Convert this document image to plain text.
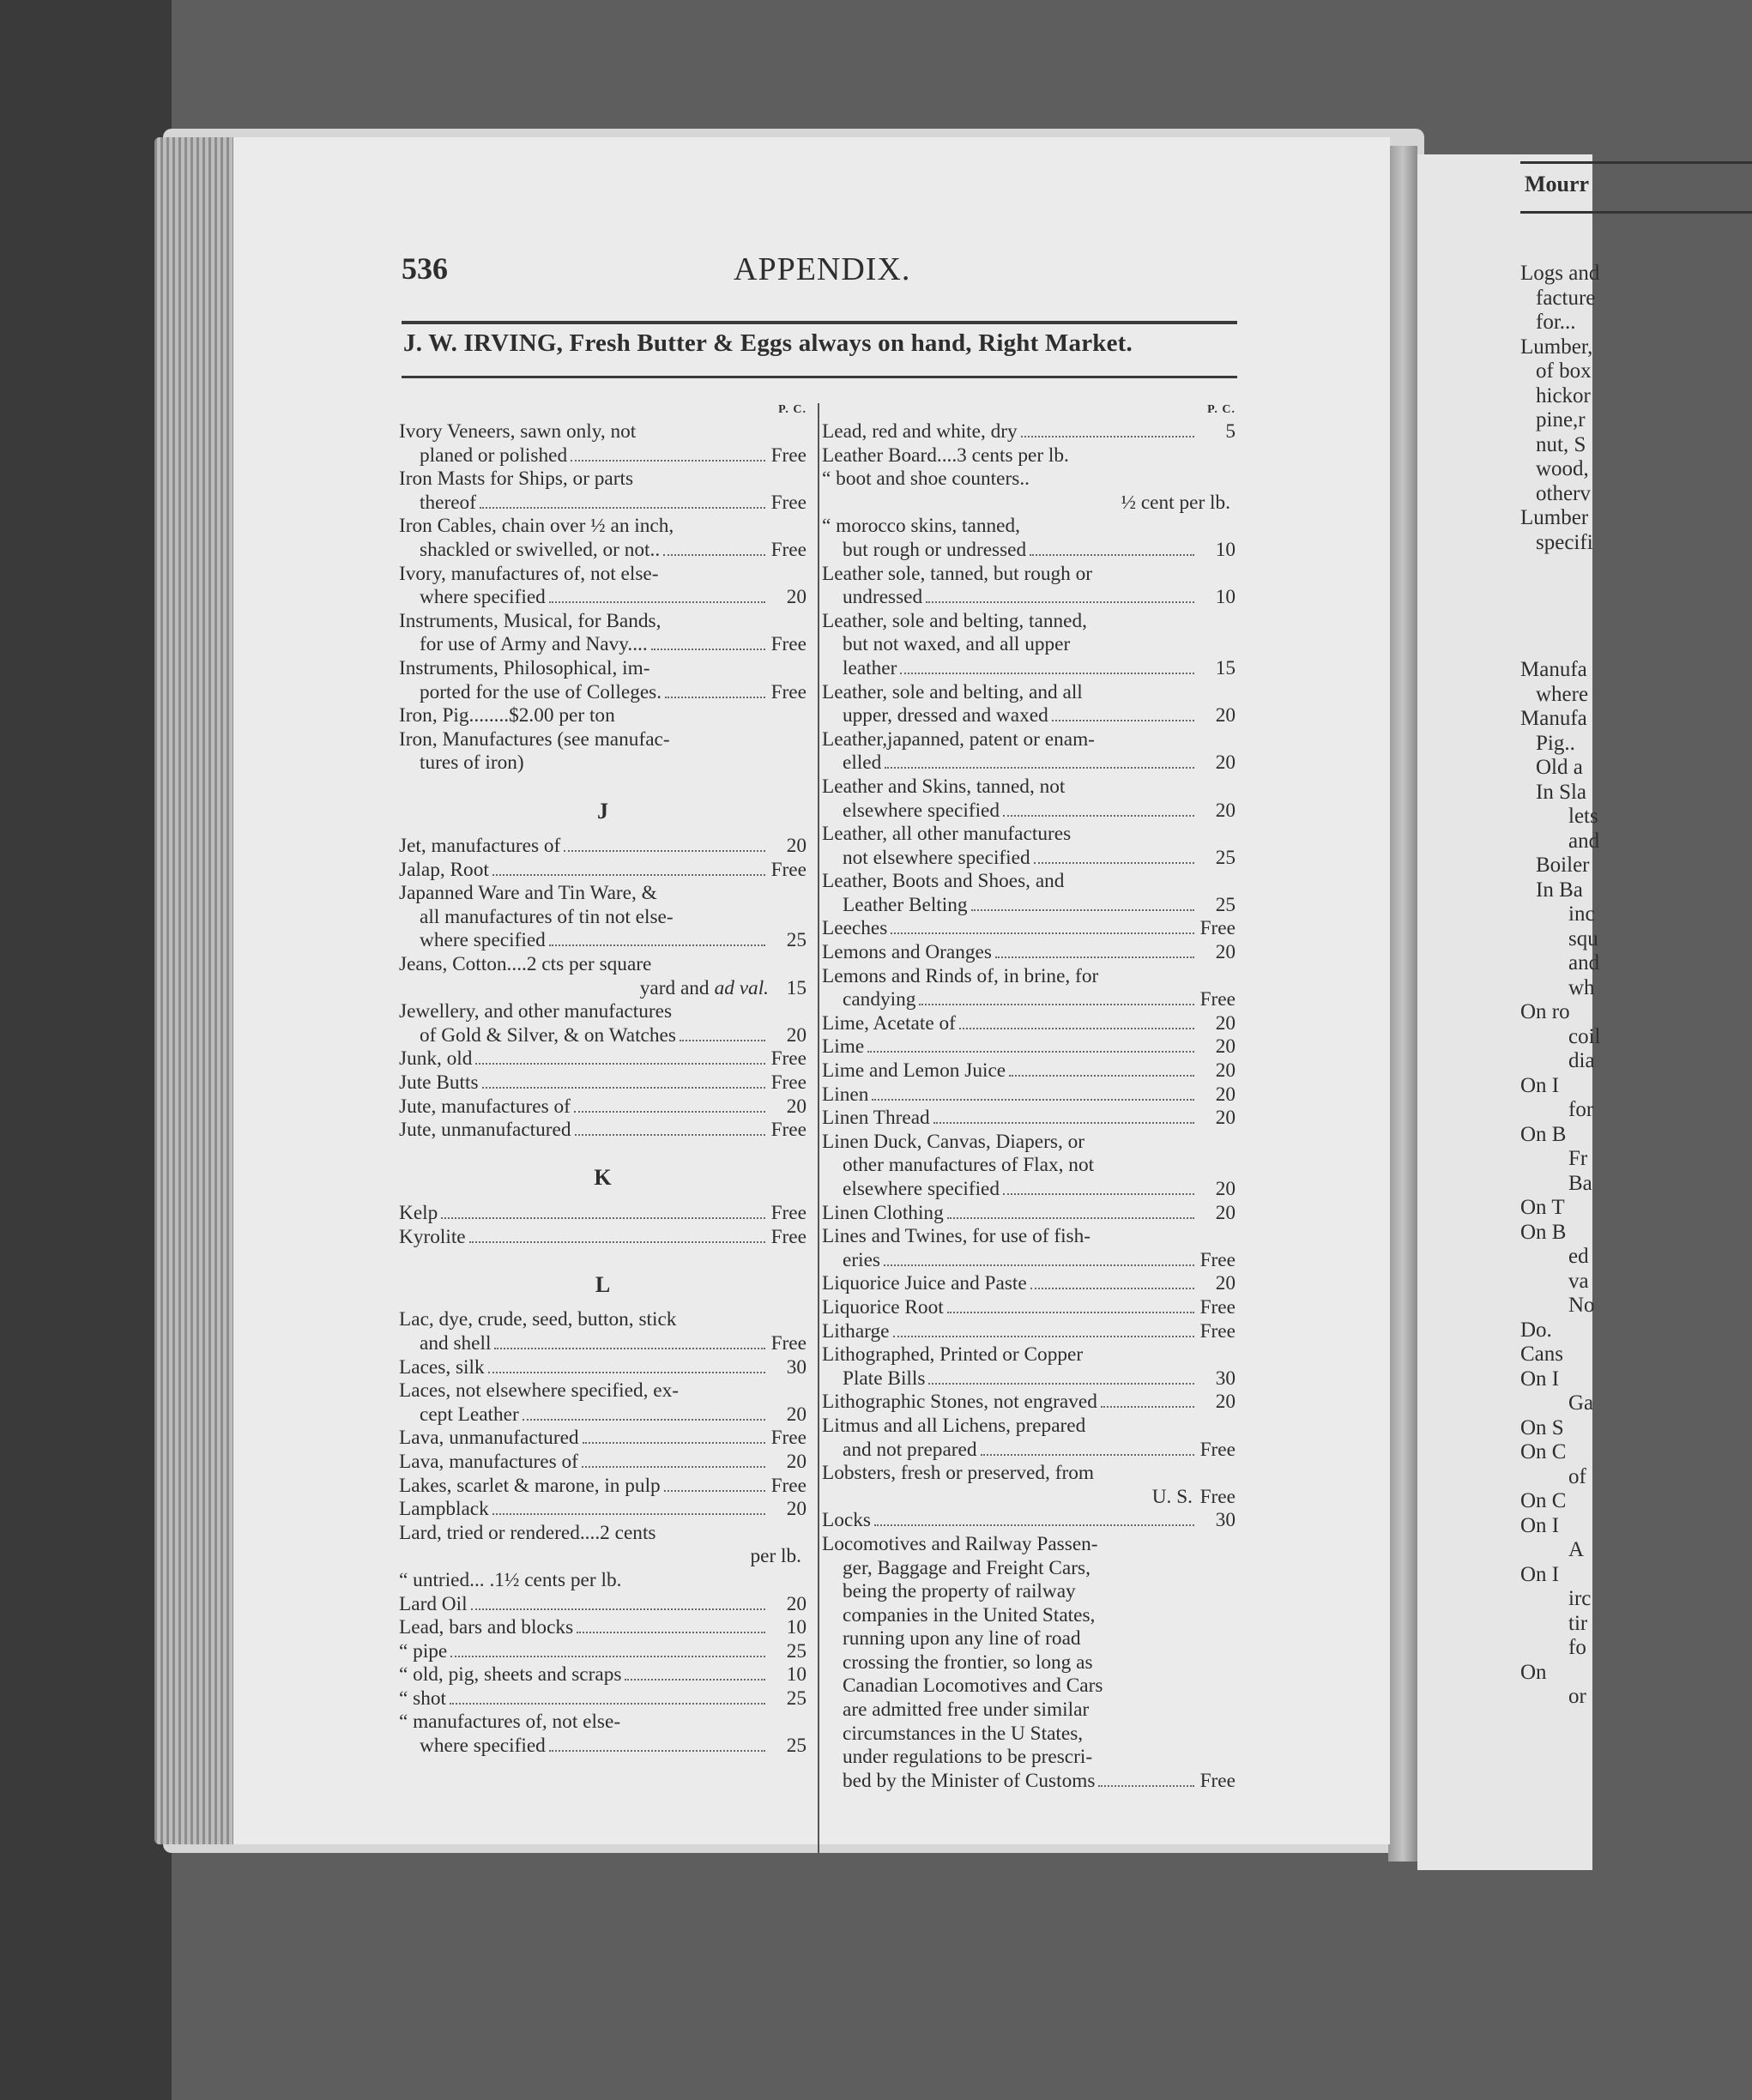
Mourr
Logs and
facture
for...
Lumber,
of box
hickor
pine,r
nut, S
wood,
otherv
Lumber
specifi
Manufa
where
Manufa
Pig..
Old a
In Sla
lets
and
Boiler
In Ba
inc
squ
and
wh
On ro
coil
dia
On I
for
On B
Fr
Ba
On T
On B
ed
va
No
Do.
Cans
On I
Ga
On S
On C
of
On C
On I
A
On I
irc
tir
fo
On
or
536	APPENDIX.
J. W. IRVING, Fresh Butter & Eggs always on hand, Right Market.
P. C.
Ivory Veneers, sawn only, not
planed or polished	Free
Iron Masts for Ships, or parts
thereof	Free
Iron Cables, chain over ½ an inch,
shackled or swivelled, or not..	Free
Ivory, manufactures of, not else-
where specified	20
Instruments, Musical, for Bands,
for use of Army and Navy....	Free
Instruments, Philosophical, im-
ported for the use of Colleges.	Free
Iron, Pig........$2.00 per ton
Iron, Manufactures (see manufac-
tures of iron)
J
Jet, manufactures of	20
Jalap, Root	Free
Japanned Ware and Tin Ware, &
all manufactures of tin not else-
where specified	25
Jeans, Cotton....2 cts per square
yard and ad val. 15
Jewellery, and other manufactures
of Gold & Silver, & on Watches	20
Junk, old	Free
Jute Butts	Free
Jute, manufactures of	20
Jute, unmanufactured	Free
K
Kelp	Free
Kyrolite	Free
L
Lac, dye, crude, seed, button, stick
and shell	Free
Laces, silk	30
Laces, not elsewhere specified, ex-
cept Leather	20
Lava, unmanufactured	Free
Lava, manufactures of	20
Lakes, scarlet & marone, in pulp	Free
Lampblack	20
Lard, tried or rendered....2 cents
per lb.
“ untried... .1½ cents per lb.
Lard Oil	20
Lead, bars and blocks	10
“ pipe	25
“ old, pig, sheets and scraps	10
“ shot	25
“ manufactures of, not else-
where specified	25
P. C.
Lead, red and white, dry	5
Leather Board....3 cents per lb.
“ boot and shoe counters..
½ cent per lb.
“ morocco skins, tanned,
but rough or undressed	10
Leather sole, tanned, but rough or
undressed	10
Leather, sole and belting, tanned,
but not waxed, and all upper
leather	15
Leather, sole and belting, and all
upper, dressed and waxed	20
Leather,japanned, patent or enam-
elled	20
Leather and Skins, tanned, not
elsewhere specified	20
Leather, all other manufactures
not elsewhere specified	25
Leather, Boots and Shoes, and
Leather Belting	25
Leeches	Free
Lemons and Oranges	20
Lemons and Rinds of, in brine, for
candying	Free
Lime, Acetate of	20
Lime	20
Lime and Lemon Juice	20
Linen	20
Linen Thread	20
Linen Duck, Canvas, Diapers, or
other manufactures of Flax, not
elsewhere specified	20
Linen Clothing	20
Lines and Twines, for use of fish-
eries	Free
Liquorice Juice and Paste	20
Liquorice Root	Free
Litharge	Free
Lithographed, Printed or Copper
Plate Bills	30
Lithographic Stones, not engraved	20
Litmus and all Lichens, prepared
and not prepared	Free
Lobsters, fresh or preserved, from
U. S. Free
Locks	30
Locomotives and Railway Passen-
ger, Baggage and Freight Cars,
being the property of railway
companies in the United States,
running upon any line of road
crossing the frontier, so long as
Canadian Locomotives and Cars
are admitted free under similar
circumstances in the U States,
under regulations to be prescri-
bed by the Minister of Customs	Free
